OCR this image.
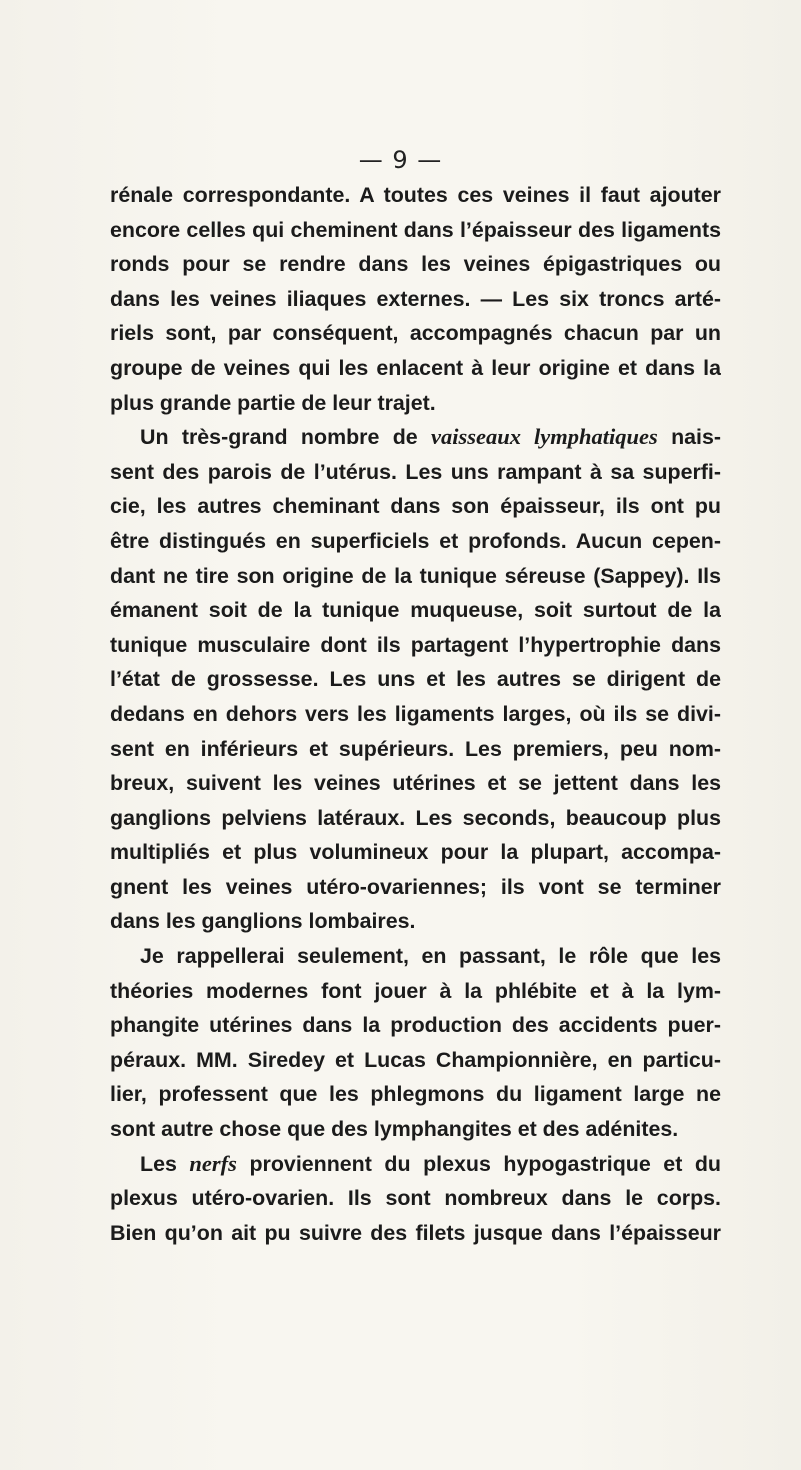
— 9 —

rénale correspondante. A toutes ces veines il faut ajouter

encore celles qui cheminent dans l’épaisseur des ligaments

ronds pour se rendre dans les veines épigastriques ou

dans les veines iliaques externes. — Les six troncs arté-

riels sont, par conséquent, accompagnés chacun par un

groupe de veines qui les enlacent à leur origine et dans la

plus grande partie de leur trajet.

Un très-grand nombre de vaisseaux lymphatiques nais-

sent des parois de l’utérus. Les uns rampant à sa superfi-

cie, les autres cheminant dans son épaisseur, ils ont pu

être distingués en superficiels et profonds. Aucun cepen-

dant ne tire son origine de la tunique séreuse (Sappey). Ils

émanent soit de la tunique muqueuse, soit surtout de la

tunique musculaire dont ils partagent l’hypertrophie dans

l’état de grossesse. Les uns et les autres se dirigent de

dedans en dehors vers les ligaments larges, où ils se divi-

sent en inférieurs et supérieurs. Les premiers, peu nom-

breux, suivent les veines utérines et se jettent dans les

ganglions pelviens latéraux. Les seconds, beaucoup plus

multipliés et plus volumineux pour la plupart, accompa-

gnent les veines utéro-ovariennes; ils vont se terminer

dans les ganglions lombaires.

Je rappellerai seulement, en passant, le rôle que les

théories modernes font jouer à la phlébite et à la lym-

phangite utérines dans la production des accidents puer-

péraux. MM. Siredey et Lucas Championnière, en particu-

lier, professent que les phlegmons du ligament large ne

sont autre chose que des lymphangites et des adénites.

Les nerfs proviennent du plexus hypogastrique et du

plexus utéro-ovarien. Ils sont nombreux dans le corps.

Bien qu’on ait pu suivre des filets jusque dans l’épaisseur
